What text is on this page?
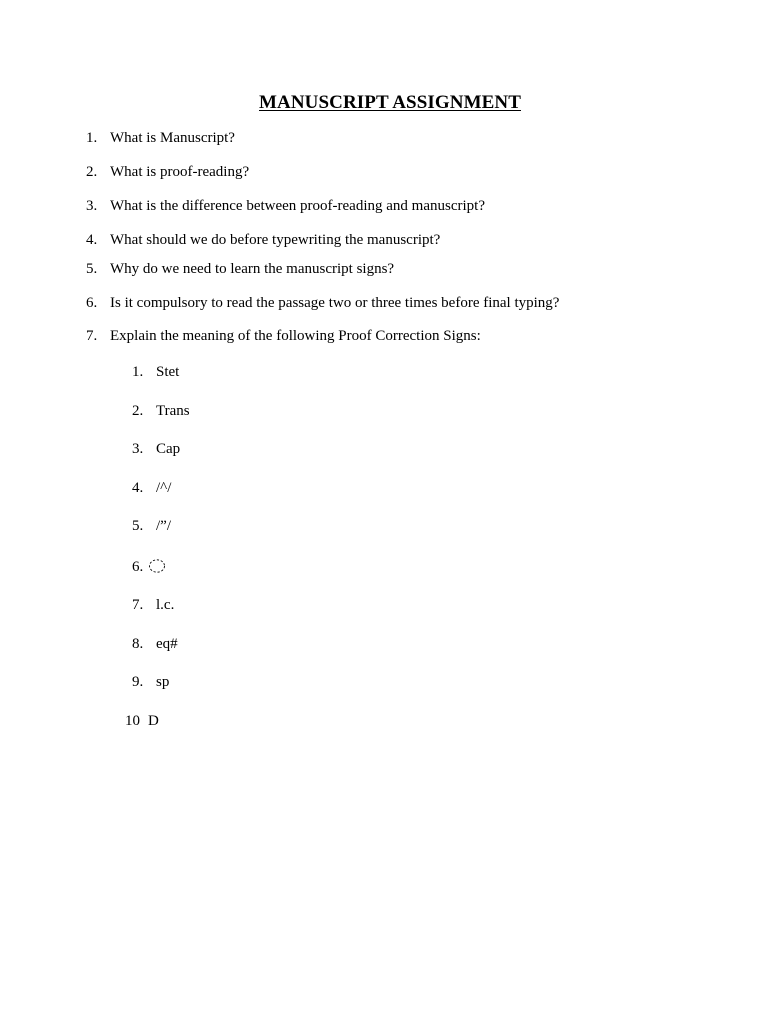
MANUSCRIPT ASSIGNMENT
1. What is Manuscript?
2. What is proof-reading?
3. What is the difference between proof-reading and manuscript?
4. What should we do before typewriting the manuscript?
5. Why do we need to learn the manuscript signs?
6. Is it compulsory to read the passage two or three times before final typing?
7. Explain the meaning of the following Proof Correction Signs:
1. Stet
2. Trans
3. Cap
4. /^/
5. /”/
6.
7. l.c.
8. eq#
9. sp
10 D
